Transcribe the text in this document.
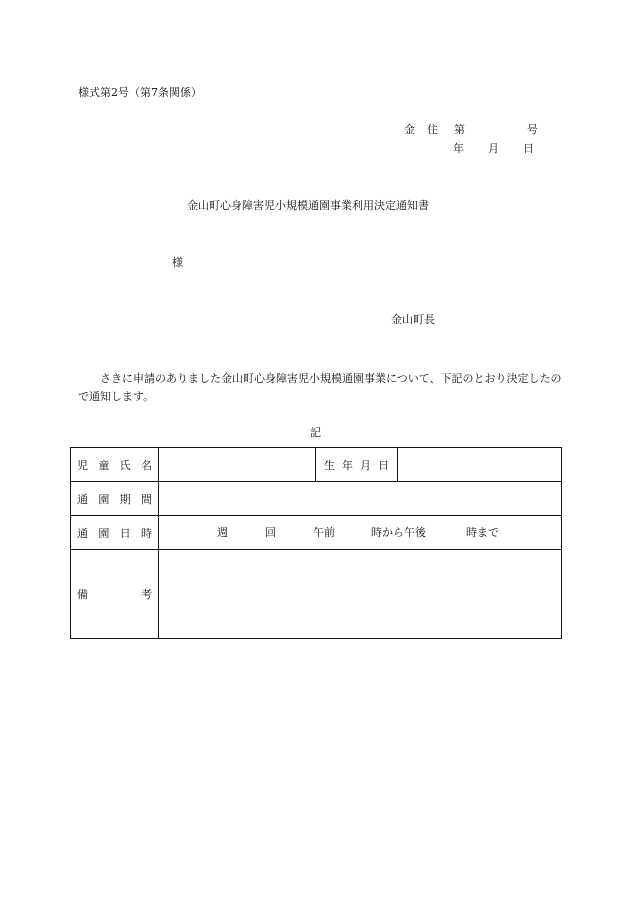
様式第2号（第7条関係）
金 住 第	号
年 月 日
金山町心身障害児小規模通園事業利用決定通知書
様
金山町長
さきに申請のありました金山町心身障害児小規模通園事業について、下記のとおり決定したので通知します。
記
児 童 氏 名		生 年 月 日	

通 園 期 間			

通 園 日 時	週 回 午前 時から午後 時まで		

備 考			
